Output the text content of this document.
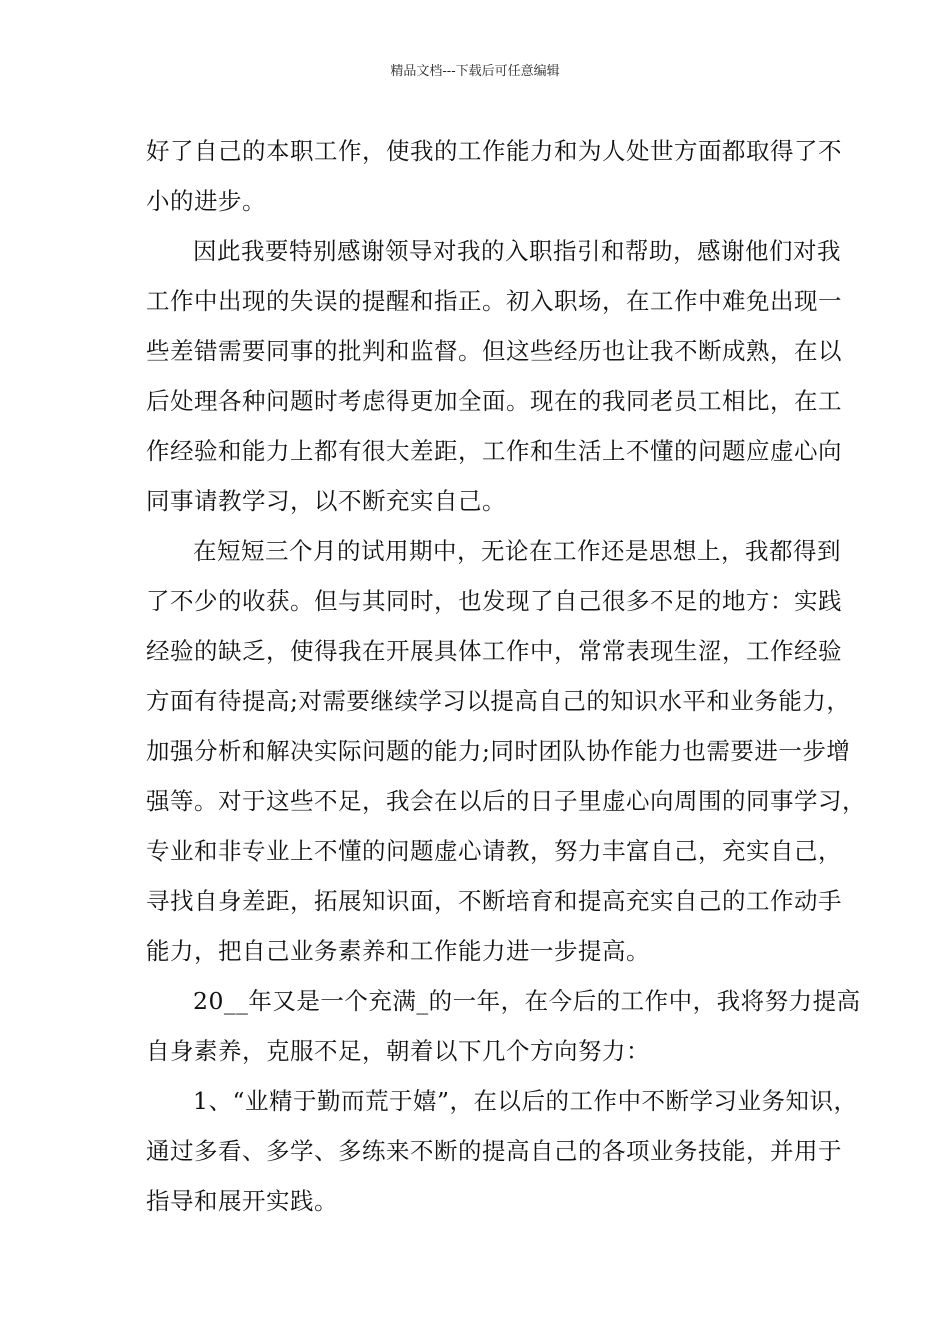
精品文档---下载后可任意编辑
好了自己的本职工作，使我的工作能力和为人处世方面都取得了不
小的进步。
因此我要特别感谢领导对我的入职指引和帮助，感谢他们对我
工作中出现的失误的提醒和指正。初入职场，在工作中难免出现一
些差错需要同事的批判和监督。但这些经历也让我不断成熟，在以
后处理各种问题时考虑得更加全面。现在的我同老员工相比，在工
作经验和能力上都有很大差距，工作和生活上不懂的问题应虚心向
同事请教学习，以不断充实自己。
在短短三个月的试用期中，无论在工作还是思想上，我都得到
了不少的收获。但与其同时，也发现了自己很多不足的地方：实践
经验的缺乏，使得我在开展具体工作中，常常表现生涩，工作经验
方面有待提高;对需要继续学习以提高自己的知识水平和业务能力，
加强分析和解决实际问题的能力;同时团队协作能力也需要进一步增
强等。对于这些不足，我会在以后的日子里虚心向周围的同事学习，
专业和非专业上不懂的问题虚心请教，努力丰富自己，充实自己，
寻找自身差距，拓展知识面，不断培育和提高充实自己的工作动手
能力，把自己业务素养和工作能力进一步提高。
20__年又是一个充满_的一年，在今后的工作中，我将努力提高
自身素养，克服不足，朝着以下几个方向努力：
1、“业精于勤而荒于嬉”，在以后的工作中不断学习业务知识，
通过多看、多学、多练来不断的提高自己的各项业务技能，并用于
指导和展开实践。
